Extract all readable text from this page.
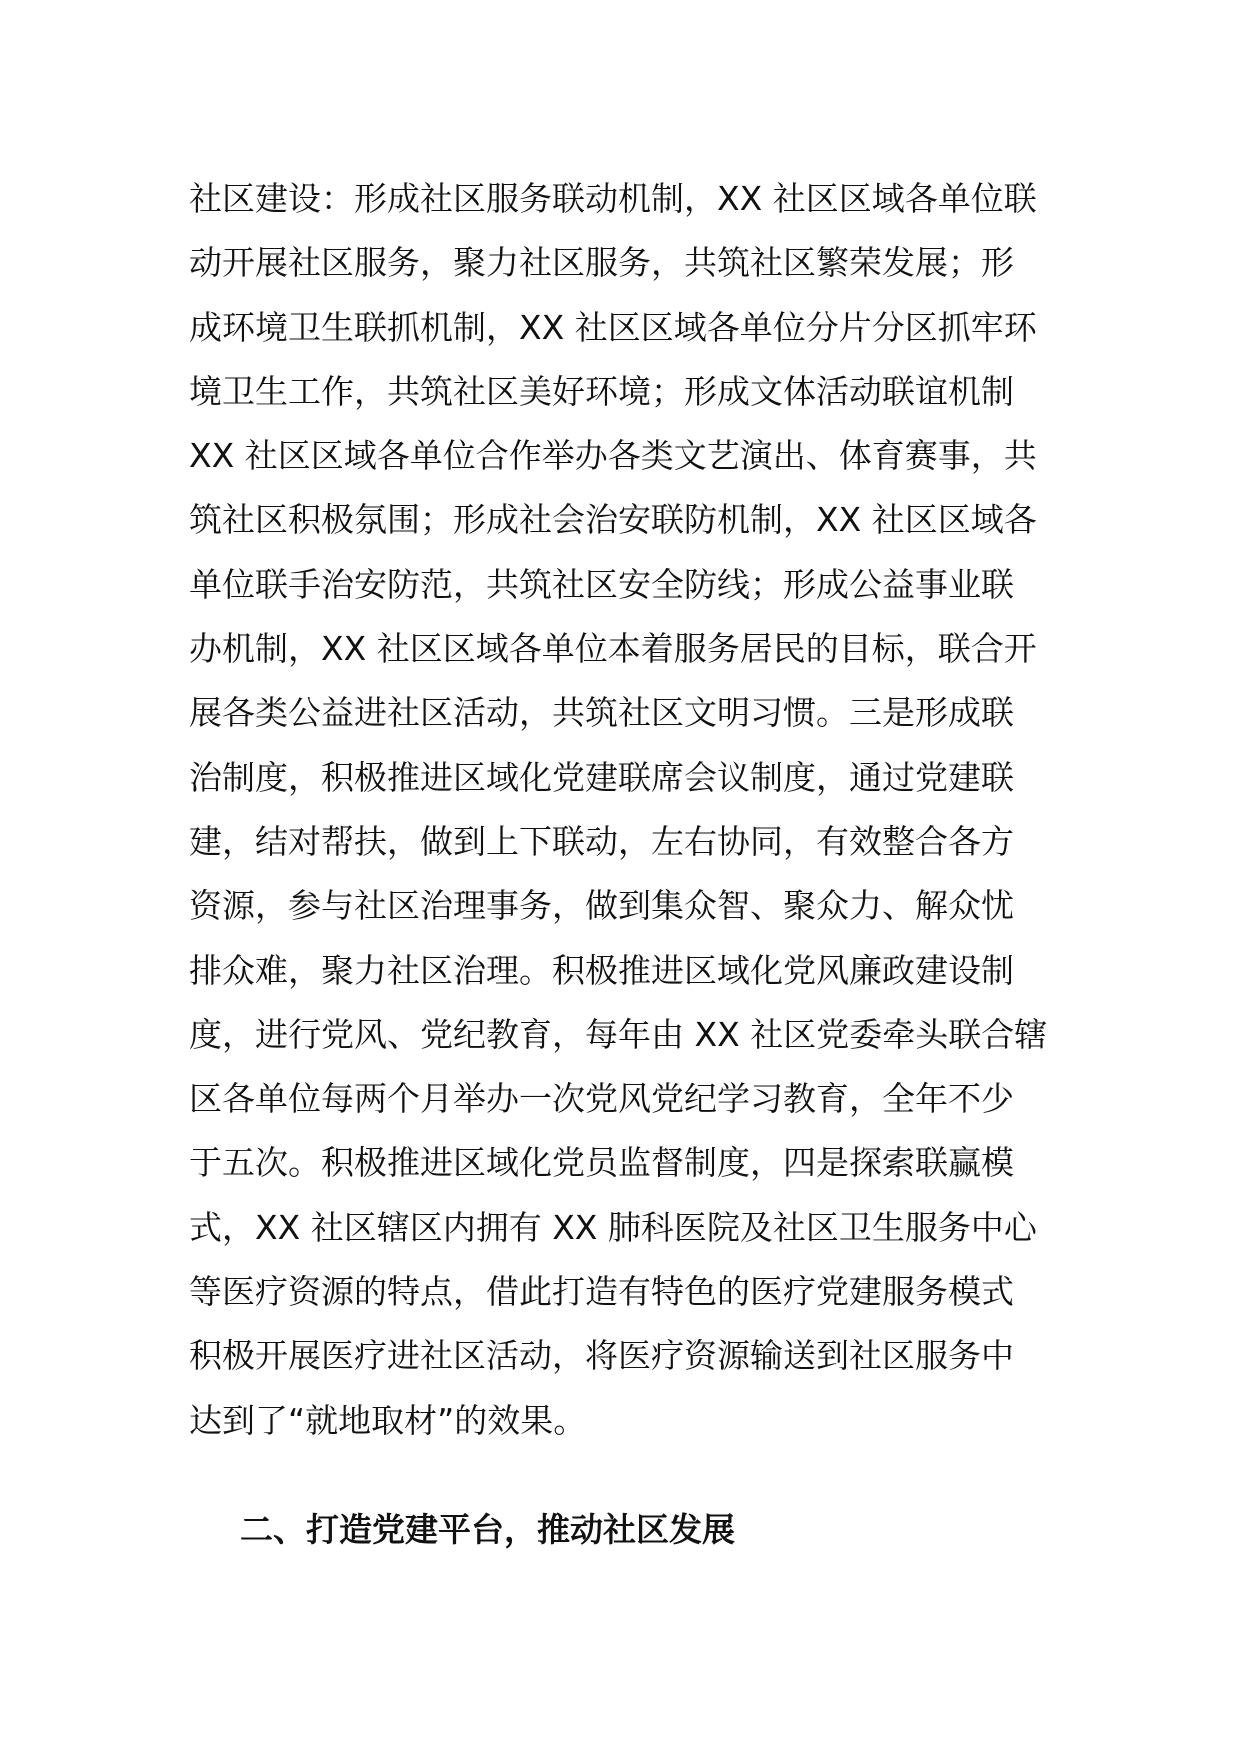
社区建设：形成社区服务联动机制，XX 社区区域各单位联
动开展社区服务，聚力社区服务，共筑社区繁荣发展；形
成环境卫生联抓机制，XX 社区区域各单位分片分区抓牢环
境卫生工作，共筑社区美好环境；形成文体活动联谊机制
XX 社区区域各单位合作举办各类文艺演出、体育赛事，共
筑社区积极氛围；形成社会治安联防机制，XX 社区区域各
单位联手治安防范，共筑社区安全防线；形成公益事业联
办机制，XX 社区区域各单位本着服务居民的目标，联合开
展各类公益进社区活动，共筑社区文明习惯。三是形成联
治制度，积极推进区域化党建联席会议制度，通过党建联
建，结对帮扶，做到上下联动，左右协同，有效整合各方
资源，参与社区治理事务，做到集众智、聚众力、解众忧
排众难，聚力社区治理。积极推进区域化党风廉政建设制
度，进行党风、党纪教育，每年由 XX 社区党委牵头联合辖
区各单位每两个月举办一次党风党纪学习教育，全年不少
于五次。积极推进区域化党员监督制度，四是探索联赢模
式，XX 社区辖区内拥有 XX 肺科医院及社区卫生服务中心
等医疗资源的特点，借此打造有特色的医疗党建服务模式
积极开展医疗进社区活动，将医疗资源输送到社区服务中
达到了“就地取材”的效果。
二、打造党建平台，推动社区发展
